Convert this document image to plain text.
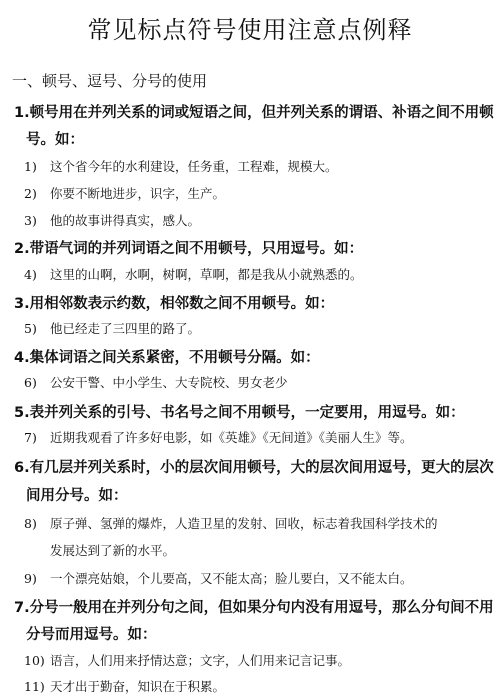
常见标点符号使用注意点例释
一、顿号、逗号、分号的使用
1.顿号用在并列关系的词或短语之间，但并列关系的谓语、补语之间不用顿
号。如：
1) 这个省今年的水利建设，任务重，工程难，规模大。
2) 你要不断地进步，识字，生产。
3) 他的故事讲得真实，感人。
2.带语气词的并列词语之间不用顿号，只用逗号。如：
4) 这里的山啊，水啊，树啊，草啊，都是我从小就熟悉的。
3.用相邻数表示约数，相邻数之间不用顿号。如：
5) 他已经走了三四里的路了。
4.集体词语之间关系紧密，不用顿号分隔。如：
6) 公安干警、中小学生、大专院校、男女老少
5.表并列关系的引号、书名号之间不用顿号，一定要用，用逗号。如：
7) 近期我观看了许多好电影，如《英雄》《无间道》《美丽人生》等。
6.有几层并列关系时，小的层次间用顿号，大的层次间用逗号，更大的层次
间用分号。如：
8) 原子弹、氢弹的爆炸，人造卫星的发射、回收，标志着我国科学技术的
发展达到了新的水平。
9) 一个漂亮姑娘，个儿要高，又不能太高；脸儿要白，又不能太白。
7.分号一般用在并列分句之间，但如果分句内没有用逗号，那么分句间不用
分号而用逗号。如：
10) 语言，人们用来抒情达意；文字，人们用来记言记事。
11) 天才出于勤奋，知识在于积累。
